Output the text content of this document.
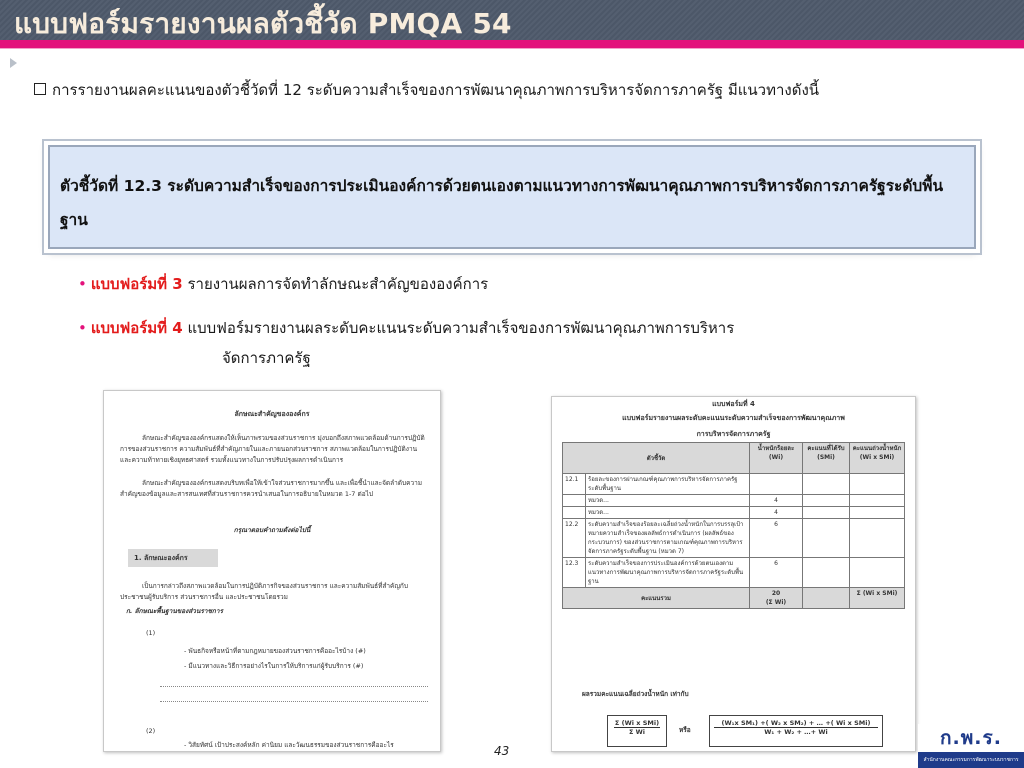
แบบฟอร์มรายงานผลตัวชี้วัด PMQA 54
การรายงานผลคะแนนของตัวชี้วัดที่ 12 ระดับความสำเร็จของการพัฒนาคุณภาพการบริหารจัดการภาครัฐ มีแนวทางดังนี้
ตัวชี้วัดที่ 12.3 ระดับความสำเร็จของการประเมินองค์การด้วยตนเองตามแนวทางการพัฒนาคุณภาพการบริหารจัดการภาครัฐระดับพื้นฐาน
• แบบฟอร์มที่ 3 รายงานผลการจัดทำลักษณะสำคัญขององค์การ
• แบบฟอร์มที่ 4 แบบฟอร์มรายงานผลระดับคะแนนระดับความสำเร็จของการพัฒนาคุณภาพการบริหาร
จัดการภาครัฐ
ลักษณะสำคัญขององค์กร
ลักษณะสำคัญขององค์กรแสดงให้เห็นภาพรวมของส่วนราชการ มุ่งบอกถึงสภาพแวดล้อมด้านการปฏิบัติการของส่วนราชการ ความสัมพันธ์ที่สำคัญภายในและภายนอกส่วนราชการ สภาพแวดล้อมในการปฏิบัติงาน และความท้าทายเชิงยุทธศาสตร์ รวมทั้งแนวทางในการปรับปรุงผลการดำเนินการ
ลักษณะสำคัญขององค์กรแสดงบริบทเพื่อให้เข้าใจส่วนราชการมากขึ้น และเพื่อชี้นำและจัดลำดับความสำคัญของข้อมูลและสารสนเทศที่ส่วนราชการควรนำเสนอในการอธิบายในหมวด 1-7 ต่อไป
กรุณาตอบคำถามดังต่อไปนี้
1. ลักษณะองค์กร
เป็นการกล่าวถึงสภาพแวดล้อมในการปฏิบัติภารกิจของส่วนราชการ และความสัมพันธ์ที่สำคัญกับประชาชนผู้รับบริการ ส่วนราชการอื่น และประชาชนโดยรวม
ก. ลักษณะพื้นฐานของส่วนราชการ
(1)
- พันธกิจหรือหน้าที่ตามกฎหมายของส่วนราชการคืออะไรบ้าง (#)
- มีแนวทางและวิธีการอย่างไรในการให้บริการแก่ผู้รับบริการ (#)
(2)
- วิสัยทัศน์ เป้าประสงค์หลัก ค่านิยม และวัฒนธรรมของส่วนราชการคืออะไร
แบบฟอร์มที่ 4
แบบฟอร์มรายงานผลระดับคะแนนระดับความสำเร็จของการพัฒนาคุณภาพ
การบริหารจัดการภาครัฐ
ตัวชี้วัด		น้ำหนักร้อยละ (Wi)	คะแนนที่ได้รับ (SMi)	คะแนนถ่วงน้ำหนัก (Wi x SMi)
12.1	ร้อยละของการผ่านเกณฑ์คุณภาพการบริหารจัดการภาครัฐระดับพื้นฐาน			
	หมวด...	4		
	หมวด...	4		
12.2	ระดับความสำเร็จของร้อยละเฉลี่ยถ่วงน้ำหนักในการบรรลุเป้าหมายความสำเร็จของผลลัพธ์การดำเนินการ (ผลลัพธ์ของกระบวนการ) ของส่วนราชการตามเกณฑ์คุณภาพการบริหารจัดการภาครัฐระดับพื้นฐาน (หมวด 7)	6		
12.3	ระดับความสำเร็จของการประเมินองค์การด้วยตนเองตามแนวทางการพัฒนาคุณภาพการบริหารจัดการภาครัฐระดับพื้นฐาน	6		
คะแนนรวม		20
(Σ Wi)		Σ (Wi x SMi)
ผลรวมคะแนนเฉลี่ยถ่วงน้ำหนัก เท่ากับ
Σ (Wi x SMi)
Σ Wi	หรือ
(W₁x SM₁) +( W₂ x SM₂) + … +( Wi x SMi)
W₁ + W₂ + …+ Wi
43
ก.พ.ร.
สำนักงานคณะกรรมการพัฒนาระบบราชการ
